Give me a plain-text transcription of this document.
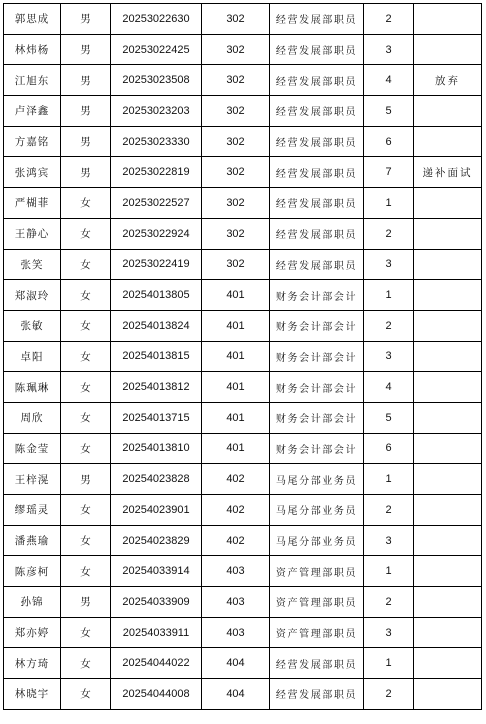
郭思成	男	20253022630	302	经营发展部职员	2	
林炜杨	男	20253022425	302	经营发展部职员	3	
江旭东	男	20253023508	302	经营发展部职员	4	放弃
卢泽鑫	男	20253023203	302	经营发展部职员	5	
方嘉铭	男	20253023330	302	经营发展部职员	6	
张鸿宾	男	20253022819	302	经营发展部职员	7	递补面试
严楜菲	女	20253022527	302	经营发展部职员	1	
王静心	女	20253022924	302	经营发展部职员	2	
张笑	女	20253022419	302	经营发展部职员	3	
郑淑玲	女	20254013805	401	财务会计部会计	1	
张敏	女	20254013824	401	财务会计部会计	2	
卓阳	女	20254013815	401	财务会计部会计	3	
陈珮琳	女	20254013812	401	财务会计部会计	4	
周欣	女	20254013715	401	财务会计部会计	5	
陈金莹	女	20254013810	401	财务会计部会计	6	
王梓滉	男	20254023828	402	马尾分部业务员	1	
缪瑶灵	女	20254023901	402	马尾分部业务员	2	
潘燕瑜	女	20254023829	402	马尾分部业务员	3	
陈彦柯	女	20254033914	403	资产管理部职员	1	
孙锦	男	20254033909	403	资产管理部职员	2	
郑亦婷	女	20254033911	403	资产管理部职员	3	
林方琦	女	20254044022	404	经营发展部职员	1	
林晓宇	女	20254044008	404	经营发展部职员	2	
